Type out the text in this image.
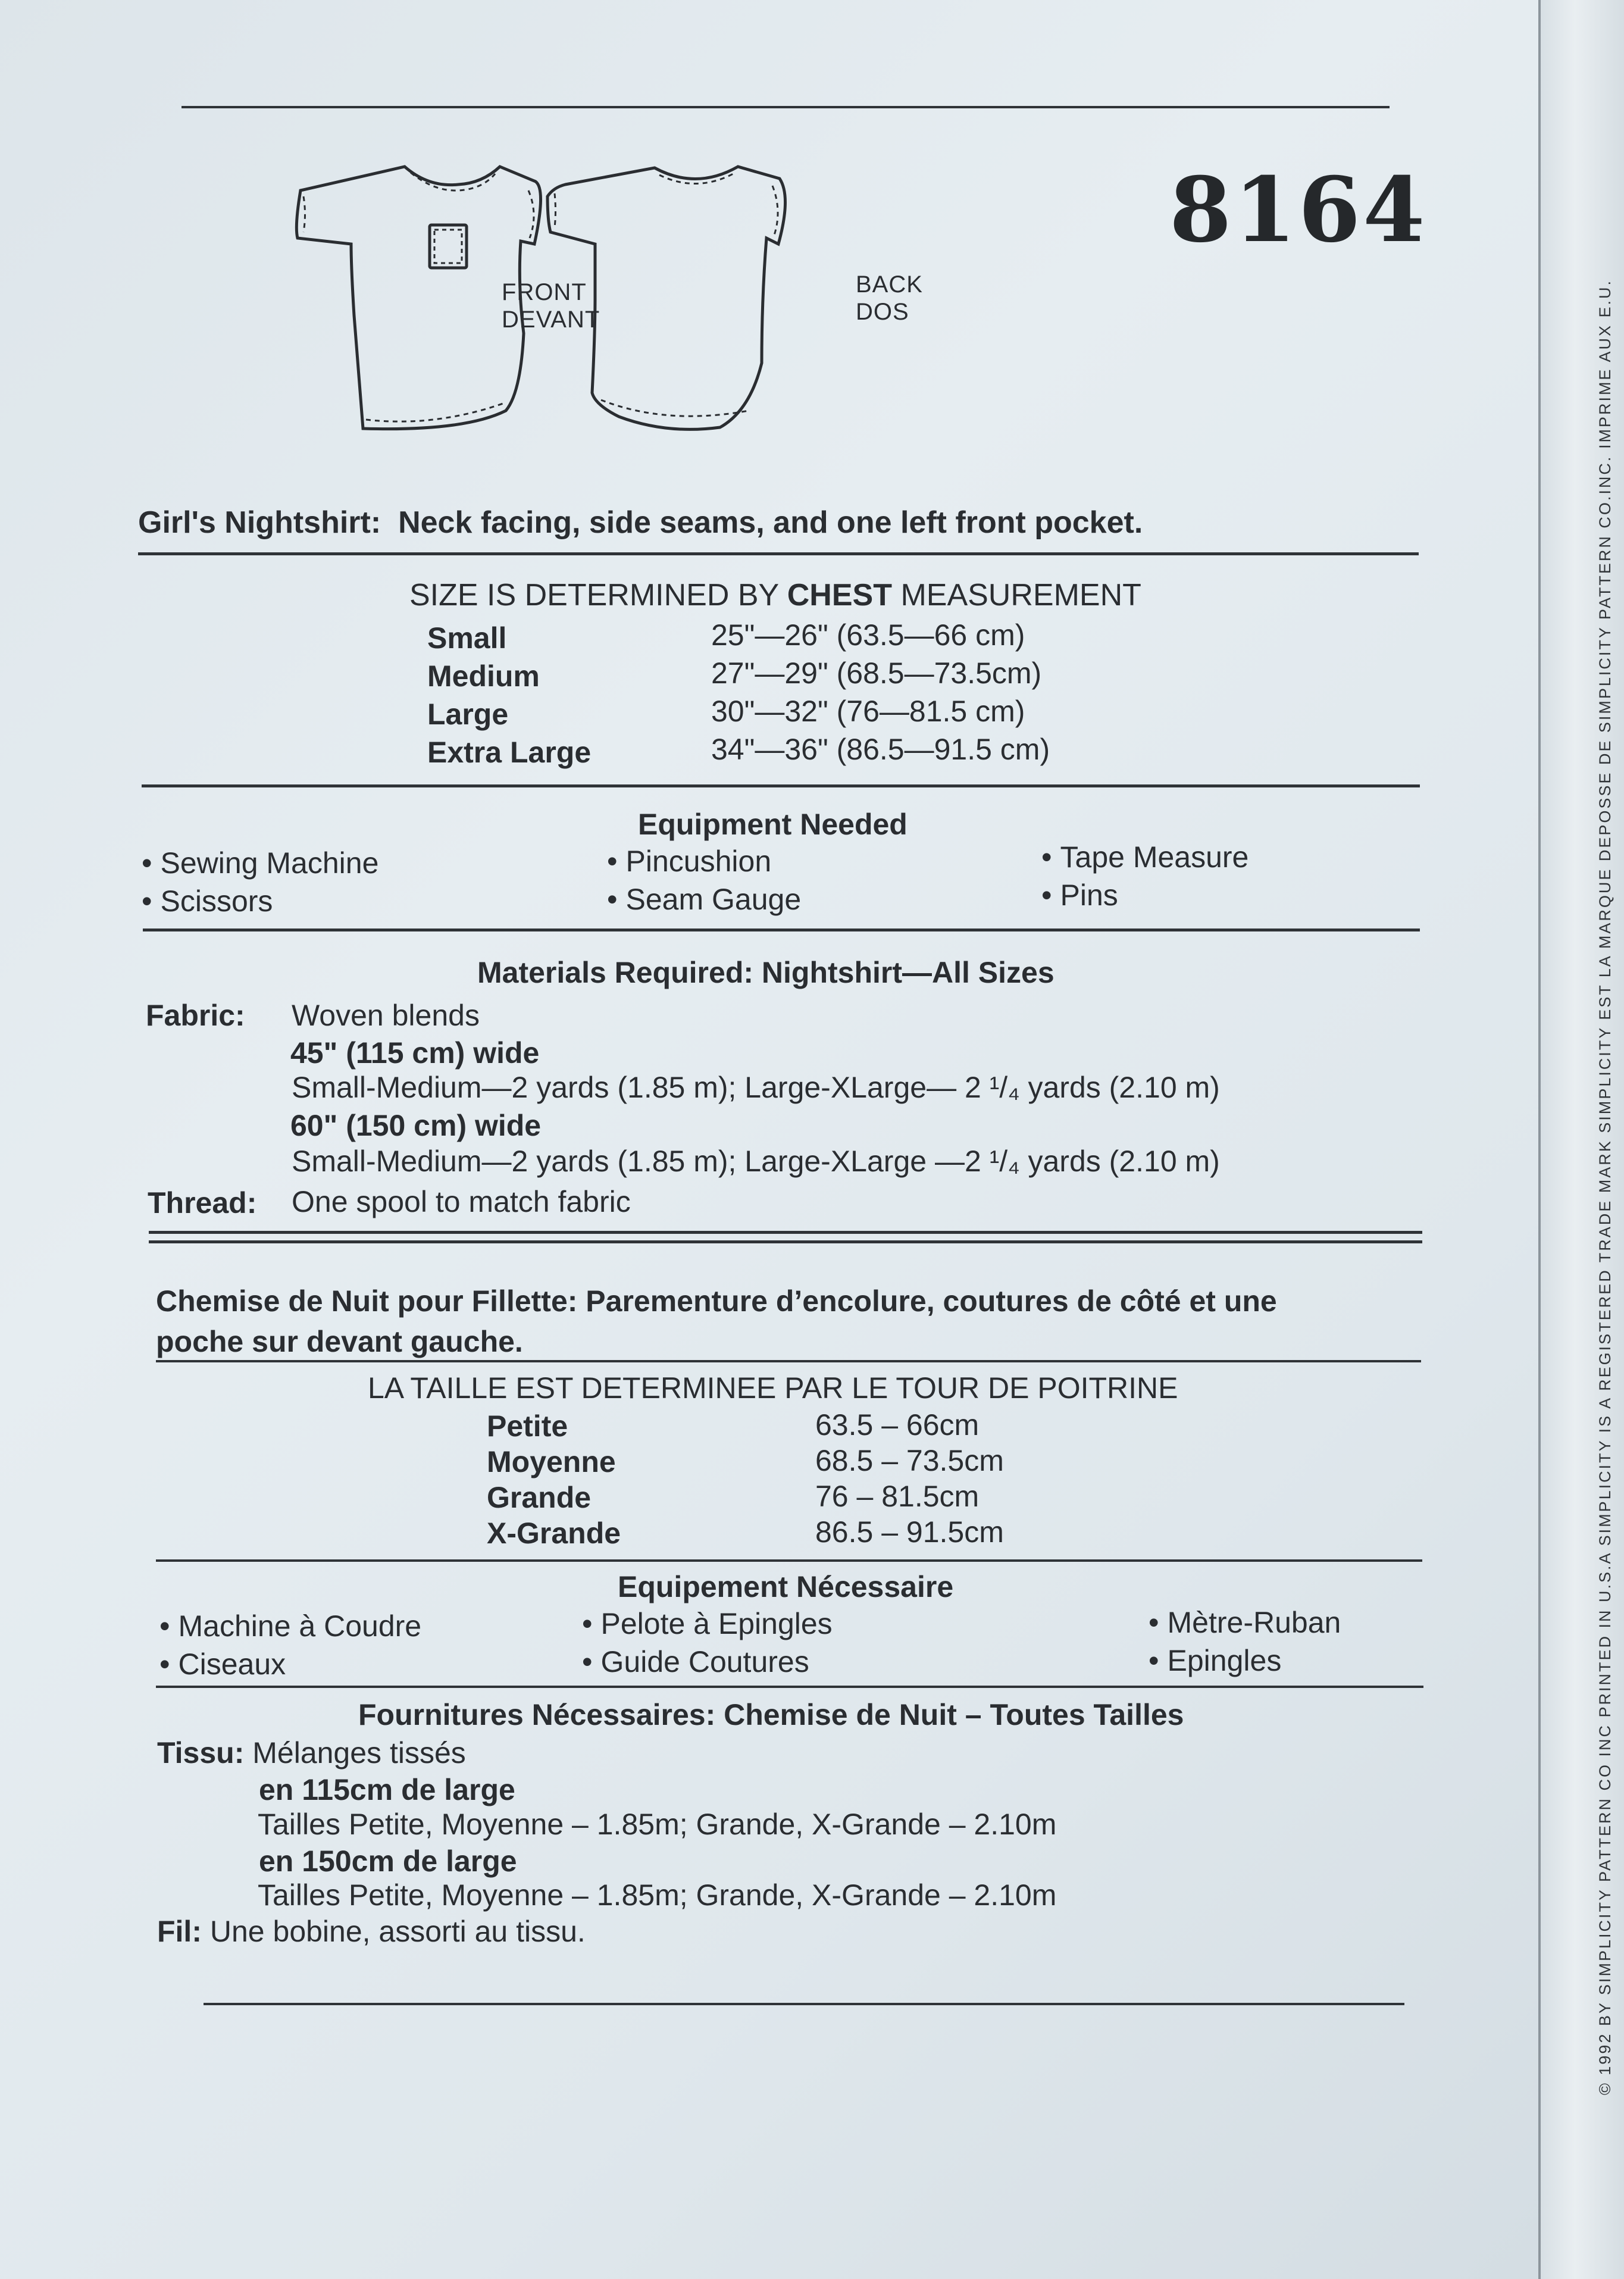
© 1992 BY SIMPLICITY PATTERN CO INC PRINTED IN U.S.A SIMPLICITY IS A REGISTERED TRADE MARK SIMPLICITY EST LA MARQUE DEPOSSE DE SIMPLICITY PATTERN CO.INC. IMPRIME AUX E.U.
FRONT
DEVANT
BACK
DOS
8164
Girl's Nightshirt: Neck facing, side seams, and one left front pocket.
SIZE IS DETERMINED BY CHEST MEASUREMENT
Small
Medium
Large
Extra Large
25"—26" (63.5—66 cm)
27"—29" (68.5—73.5cm)
30"—32" (76—81.5 cm)
34"—36" (86.5—91.5 cm)
Equipment Needed
• Sewing Machine
• Scissors
• Pincushion
• Seam Gauge
• Tape Measure
• Pins
Materials Required: Nightshirt—All Sizes
Fabric: Woven blends
45" (115 cm) wide
Small-Medium—2 yards (1.85 m); Large-XLarge— 2 ¹/₄ yards (2.10 m)
60" (150 cm) wide
Small-Medium—2 yards (1.85 m); Large-XLarge —2 ¹/₄ yards (2.10 m)
Thread: One spool to match fabric
Chemise de Nuit pour Fillette: Parementure d’encolure, coutures de côté et une
poche sur devant gauche.
LA TAILLE EST DETERMINEE PAR LE TOUR DE POITRINE
Petite
Moyenne
Grande
X-Grande
63.5 – 66cm
68.5 – 73.5cm
76 – 81.5cm
86.5 – 91.5cm
Equipement Nécessaire
• Machine à Coudre
• Ciseaux
• Pelote à Epingles
• Guide Coutures
• Mètre-Ruban
• Epingles
Fournitures Nécessaires: Chemise de Nuit – Toutes Tailles
Tissu: Mélanges tissés
en 115cm de large
Tailles Petite, Moyenne – 1.85m; Grande, X-Grande – 2.10m
en 150cm de large
Tailles Petite, Moyenne – 1.85m; Grande, X-Grande – 2.10m
Fil: Une bobine, assorti au tissu.
